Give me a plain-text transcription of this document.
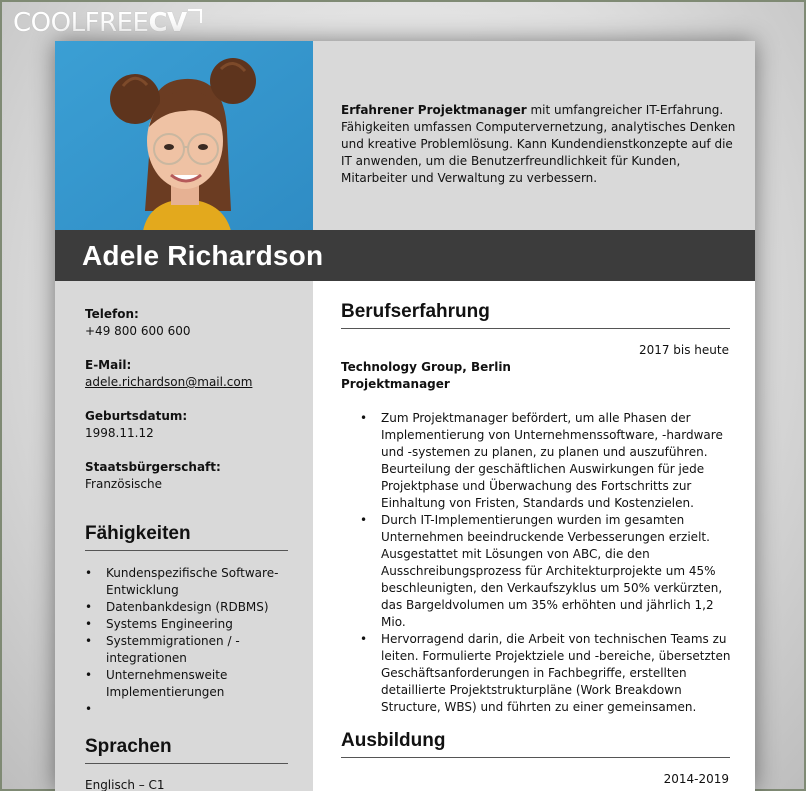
COOLFREE CV
Erfahrener Projektmanager mit umfangreicher IT-Erfahrung. Fähigkeiten umfassen Computervernetzung, analytisches Denken und kreative Problemlösung. Kann Kundendienstkonzepte auf die IT anwenden, um die Benutzerfreundlichkeit für Kunden, Mitarbeiter und Verwaltung zu verbessern.
Adele Richardson
Telefon:
+49 800 600 600
E-Mail:
adele.richardson@mail.com
Geburtsdatum:
1998.11.12
Staatsbürgerschaft:
Französische
Fähigkeiten
• Kundenspezifische Software-Entwicklung
• Datenbankdesign (RDBMS)
• Systems Engineering
• Systemmigrationen / -integrationen
• Unternehmensweite Implementierungen
•
Sprachen
Englisch – C1
Berufserfahrung
2017 bis heute
Technology Group, Berlin
Projektmanager
• Zum Projektmanager befördert, um alle Phasen der Implementierung von Unternehmenssoftware, -hardware und -systemen zu planen, zu planen und auszuführen. Beurteilung der geschäftlichen Auswirkungen für jede Projektphase und Überwachung des Fortschritts zur Einhaltung von Fristen, Standards und Kostenzielen.
• Durch IT-Implementierungen wurden im gesamten Unternehmen beeindruckende Verbesserungen erzielt. Ausgestattet mit Lösungen von ABC, die den Ausschreibungsprozess für Architekturprojekte um 45% beschleunigten, den Verkaufszyklus um 50% verkürzten, das Bargeldvolumen um 35% erhöhten und jährlich 1,2 Mio.
• Hervorragend darin, die Arbeit von technischen Teams zu leiten. Formulierte Projektziele und -bereiche, übersetzten Geschäftsanforderungen in Fachbegriffe, erstellten detaillierte Projektstrukturpläne (Work Breakdown Structure, WBS) und führten zu einer gemeinsamen.
Ausbildung
2014-2019
